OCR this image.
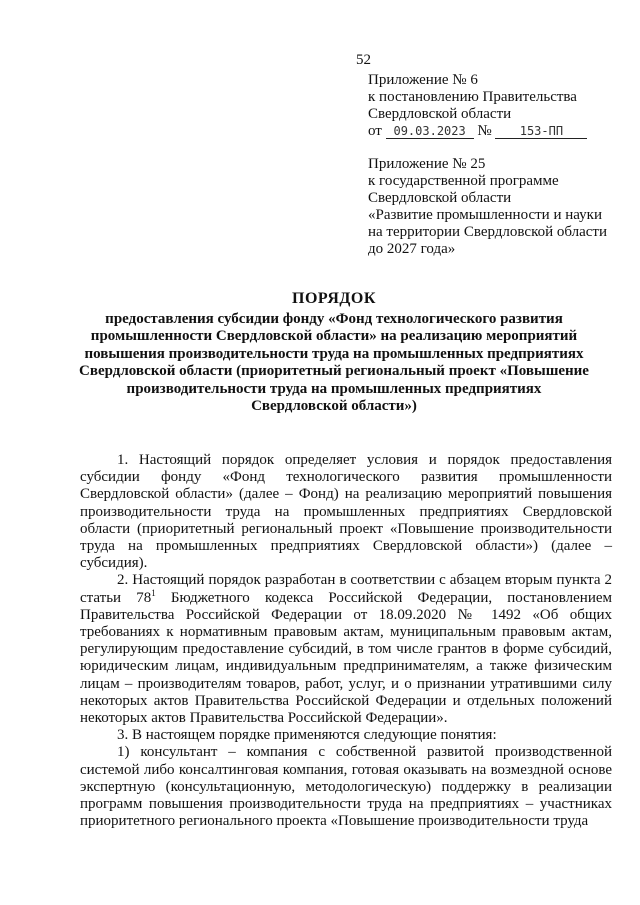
52
Приложение № 6
к постановлению Правительства
Свердловской области
от 09.03.2023 № 153-ПП
Приложение № 25
к государственной программе
Свердловской области
«Развитие промышленности и науки
на территории Свердловской области
до 2027 года»
ПОРЯДОК
предоставления субсидии фонду «Фонд технологического развития
промышленности Свердловской области» на реализацию мероприятий
повышения производительности труда на промышленных предприятиях
Свердловской области (приоритетный региональный проект «Повышение
производительности труда на промышленных предприятиях
Свердловской области»)

1. Настоящий порядок определяет условия и порядок предоставления субсидии фонду «Фонд технологического развития промышленности Свердловской области» (далее – Фонд) на реализацию мероприятий повышения производительности труда на промышленных предприятиях Свердловской области (приоритетный региональный проект «Повышение производительности труда на промышленных предприятиях Свердловской области») (далее – субсидия).

2. Настоящий порядок разработан в соответствии с абзацем вторым пункта 2 статьи $78^1$ Бюджетного кодекса Российской Федерации, постановлением Правительства Российской Федерации от 18.09.2020 № 1492 «Об общих требованиях к нормативным правовым актам, муниципальным правовым актам, регулирующим предоставление субсидий, в том числе грантов в форме субсидий, юридическим лицам, индивидуальным предпринимателям, а также физическим лицам – производителям товаров, работ, услуг, и о признании утратившими силу некоторых актов Правительства Российской Федерации и отдельных положений некоторых актов Правительства Российской Федерации».

3. В настоящем порядке применяются следующие понятия:

1) консультант – компания с собственной развитой производственной системой либо консалтинговая компания, готовая оказывать на возмездной основе экспертную (консультационную, методологическую) поддержку в реализации программ повышения производительности труда на предприятиях – участниках приоритетного регионального проекта «Повышение производительности труда
